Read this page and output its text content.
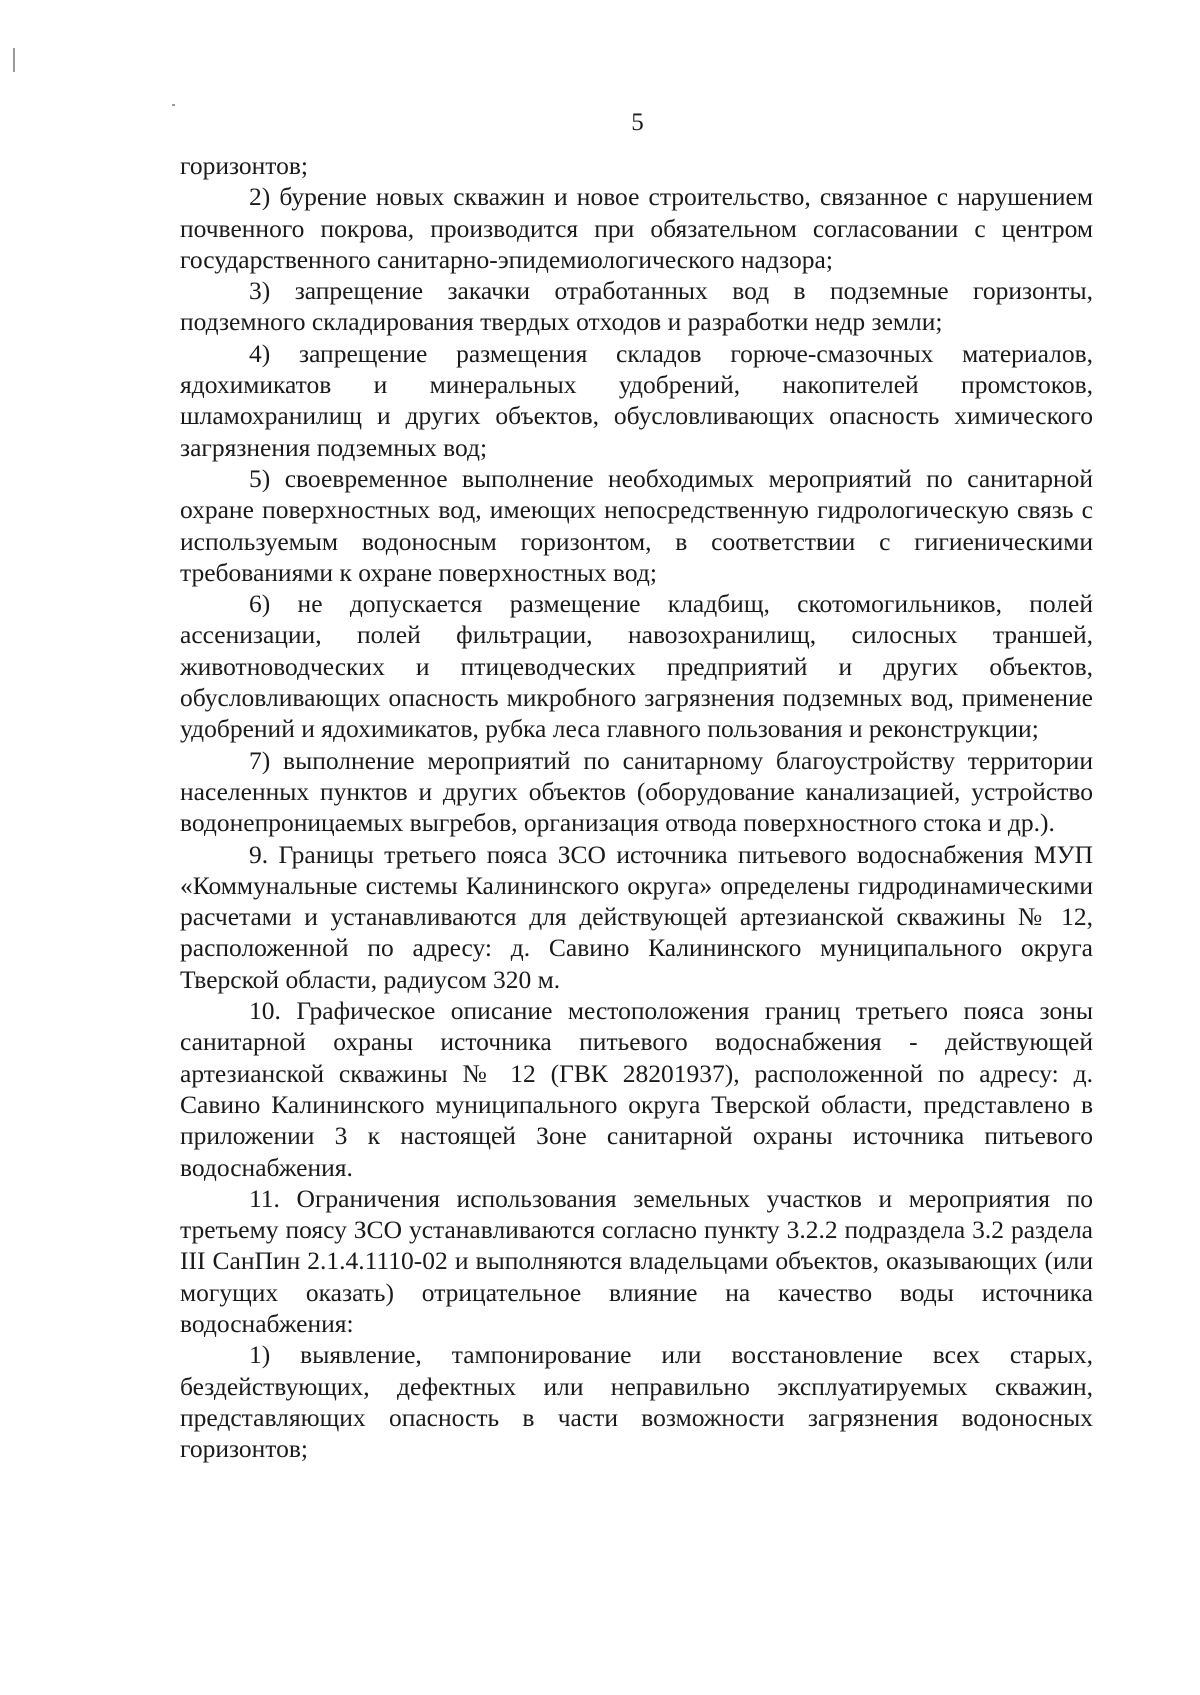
5

горизонтов;

2) бурение новых скважин и новое строительство, связанное с нарушением почвенного покрова, производится при обязательном согласовании с центром государственного санитарно-эпидемиологического надзора;

3) запрещение закачки отработанных вод в подземные горизонты, подземного складирования твердых отходов и разработки недр земли;

4) запрещение размещения складов горюче-смазочных материалов, ядохимикатов и минеральных удобрений, накопителей промстоков, шламохранилищ и других объектов, обусловливающих опасность химического загрязнения подземных вод;

5) своевременное выполнение необходимых мероприятий по санитарной охране поверхностных вод, имеющих непосредственную гидрологическую связь с используемым водоносным горизонтом, в соответствии с гигиеническими требованиями к охране поверхностных вод;

6) не допускается размещение кладбищ, скотомогильников, полей ассенизации, полей фильтрации, навозохранилищ, силосных траншей, животноводческих и птицеводческих предприятий и других объектов, обусловливающих опасность микробного загрязнения подземных вод, применение удобрений и ядохимикатов, рубка леса главного пользования и реконструкции;

7) выполнение мероприятий по санитарному благоустройству территории населенных пунктов и других объектов (оборудование канализацией, устройство водонепроницаемых выгребов, организация отвода поверхностного стока и др.).

9. Границы третьего пояса ЗСО источника питьевого водоснабжения МУП «Коммунальные системы Калининского округа» определены гидродинамическими расчетами и устанавливаются для действующей артезианской скважины № 12, расположенной по адресу: д. Савино Калининского муниципального округа Тверской области, радиусом 320 м.

10. Графическое описание местоположения границ третьего пояса зоны санитарной охраны источника питьевого водоснабжения - действующей артезианской скважины № 12 (ГВК 28201937), расположенной по адресу: д. Савино Калининского муниципального округа Тверской области, представлено в приложении 3 к настоящей Зоне санитарной охраны источника питьевого водоснабжения.

11. Ограничения использования земельных участков и мероприятия по третьему поясу ЗСО устанавливаются согласно пункту 3.2.2 подраздела 3.2 раздела III СанПин 2.1.4.1110-02 и выполняются владельцами объектов, оказывающих (или могущих оказать) отрицательное влияние на качество воды источника водоснабжения:

1) выявление, тампонирование или восстановление всех старых, бездействующих, дефектных или неправильно эксплуатируемых скважин, представляющих опасность в части возможности загрязнения водоносных горизонтов;
